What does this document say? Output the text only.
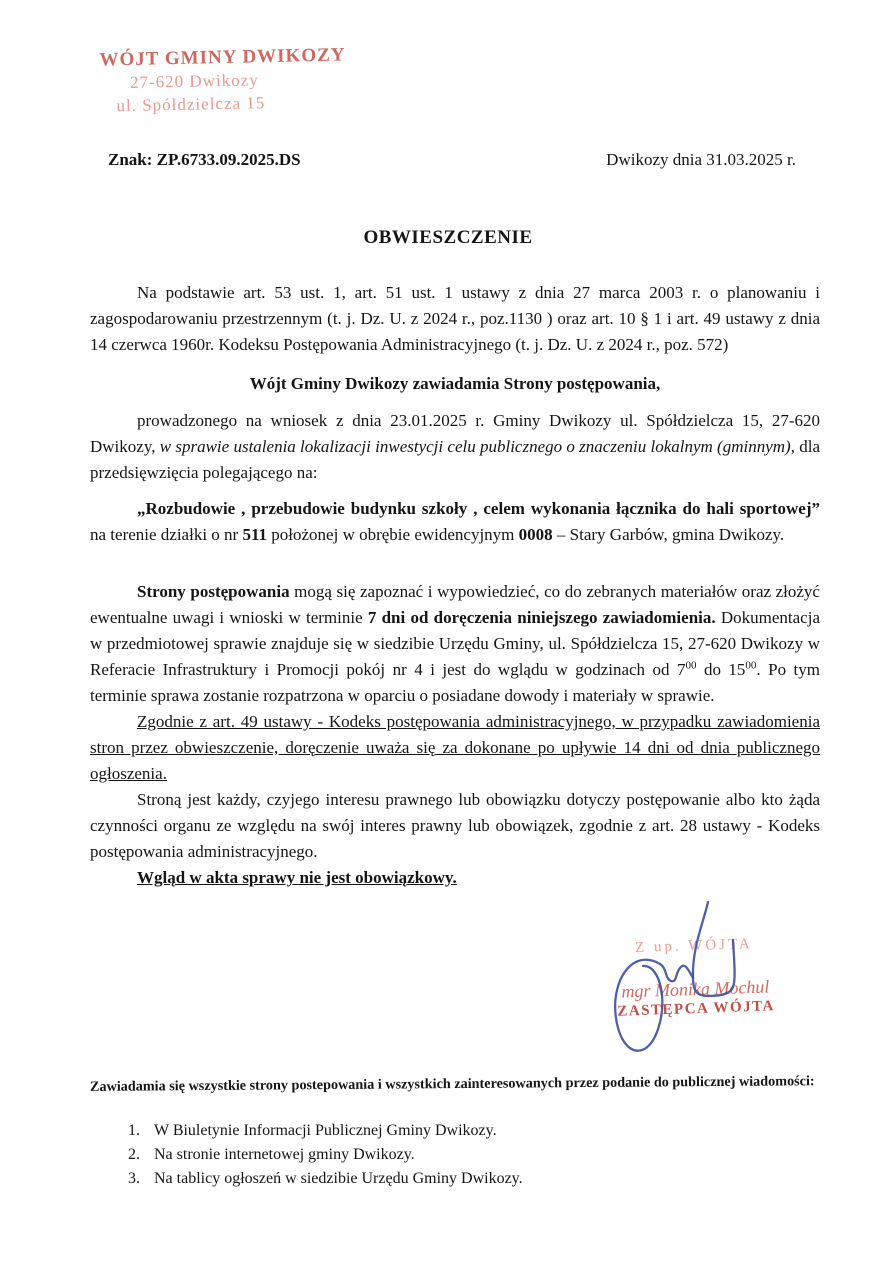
WÓJT GMINY DWIKOZY
27-620 Dwikozy
ul. Spółdzielcza 15
Znak: ZP.6733.09.2025.DS	Dwikozy dnia 31.03.2025 r.
OBWIESZCZENIE

Na podstawie art. 53 ust. 1, art. 51 ust. 1 ustawy z dnia 27 marca 2003 r. o planowaniu i zagospodarowaniu przestrzennym (t. j. Dz. U. z 2024 r., poz.1130 ) oraz art. 10 § 1 i art. 49 ustawy z dnia 14 czerwca 1960r. Kodeksu Postępowania Administracyjnego (t. j. Dz. U. z 2024 r., poz. 572)

Wójt Gminy Dwikozy zawiadamia Strony postępowania,

prowadzonego na wniosek z dnia 23.01.2025 r. Gminy Dwikozy ul. Spółdzielcza 15, 27-620 Dwikozy, w sprawie ustalenia lokalizacji inwestycji celu publicznego o znaczeniu lokalnym (gminnym), dla przedsięwzięcia polegającego na:

„Rozbudowie , przebudowie budynku szkoły , celem wykonania łącznika do hali sportowej” na terenie działki o nr 511 położonej w obrębie ewidencyjnym 0008 – Stary Garbów, gmina Dwikozy.

Strony postępowania mogą się zapoznać i wypowiedzieć, co do zebranych materiałów oraz złożyć ewentualne uwagi i wnioski w terminie 7 dni od doręczenia niniejszego zawiadomienia. Dokumentacja w przedmiotowej sprawie znajduje się w siedzibie Urzędu Gminy, ul. Spółdzielcza 15, 27-620 Dwikozy w Referacie Infrastruktury i Promocji pokój nr 4 i jest do wglądu w godzinach od $7^{00}$ do $15^{00}$. Po tym terminie sprawa zostanie rozpatrzona w oparciu o posiadane dowody i materiały w sprawie.

Zgodnie z art. 49 ustawy - Kodeks postępowania administracyjnego, w przypadku zawiadomienia stron przez obwieszczenie, doręczenie uważa się za dokonane po upływie 14 dni od dnia publicznego ogłoszenia.

Stroną jest każdy, czyjego interesu prawnego lub obowiązku dotyczy postępowanie albo kto żąda czynności organu ze względu na swój interes prawny lub obowiązek, zgodnie z art. 28 ustawy - Kodeks postępowania administracyjnego.

Wgląd w akta sprawy nie jest obowiązkowy.

Z up. WÓJTA
mgr Monika Mochul
ZASTĘPCA WÓJTA

Zawiadamia się wszystkie strony postepowania i wszystkich zainteresowanych przez podanie do publicznej wiadomości:

1. W Biuletynie Informacji Publicznej Gminy Dwikozy.
2. Na stronie internetowej gminy Dwikozy.
3. Na tablicy ogłoszeń w siedzibie Urzędu Gminy Dwikozy.
